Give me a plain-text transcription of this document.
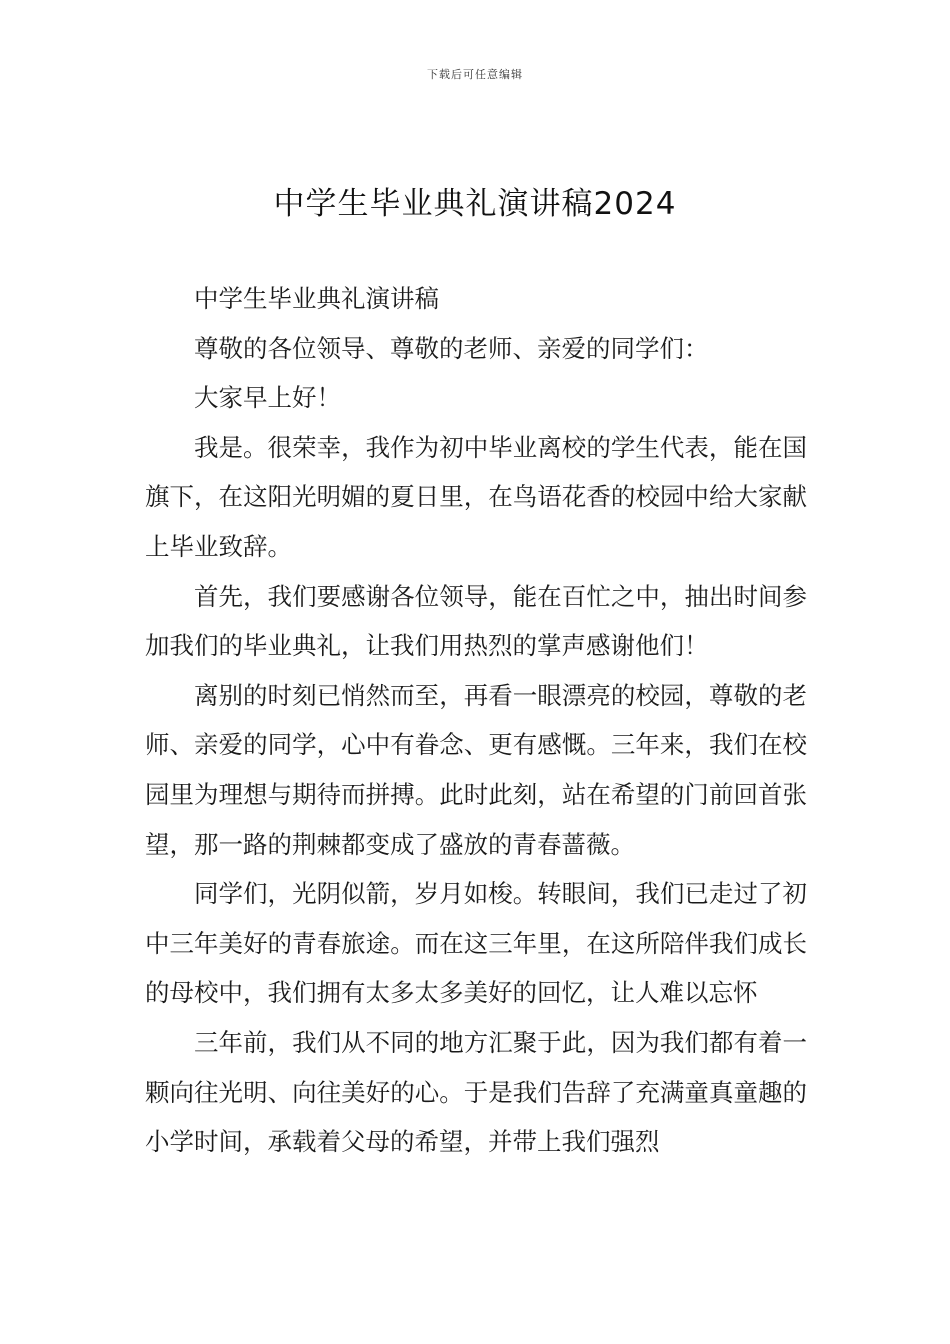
下载后可任意编辑
中学生毕业典礼演讲稿2024

中学生毕业典礼演讲稿

尊敬的各位领导、尊敬的老师、亲爱的同学们：

大家早上好！

我是。很荣幸，我作为初中毕业离校的学生代表，能在国旗下，在这阳光明媚的夏日里，在鸟语花香的校园中给大家献上毕业致辞。

首先，我们要感谢各位领导，能在百忙之中，抽出时间参加我们的毕业典礼，让我们用热烈的掌声感谢他们！

离别的时刻已悄然而至，再看一眼漂亮的校园，尊敬的老师、亲爱的同学，心中有眷念、更有感慨。三年来，我们在校园里为理想与期待而拼搏。此时此刻，站在希望的门前回首张望，那一路的荆棘都变成了盛放的青春蔷薇。

同学们，光阴似箭，岁月如梭。转眼间，我们已走过了初中三年美好的青春旅途。而在这三年里，在这所陪伴我们成长的母校中，我们拥有太多太多美好的回忆，让人难以忘怀

三年前，我们从不同的地方汇聚于此，因为我们都有着一颗向往光明、向往美好的心。于是我们告辞了充满童真童趣的小学时间，承载着父母的希望，并带上我们强烈
